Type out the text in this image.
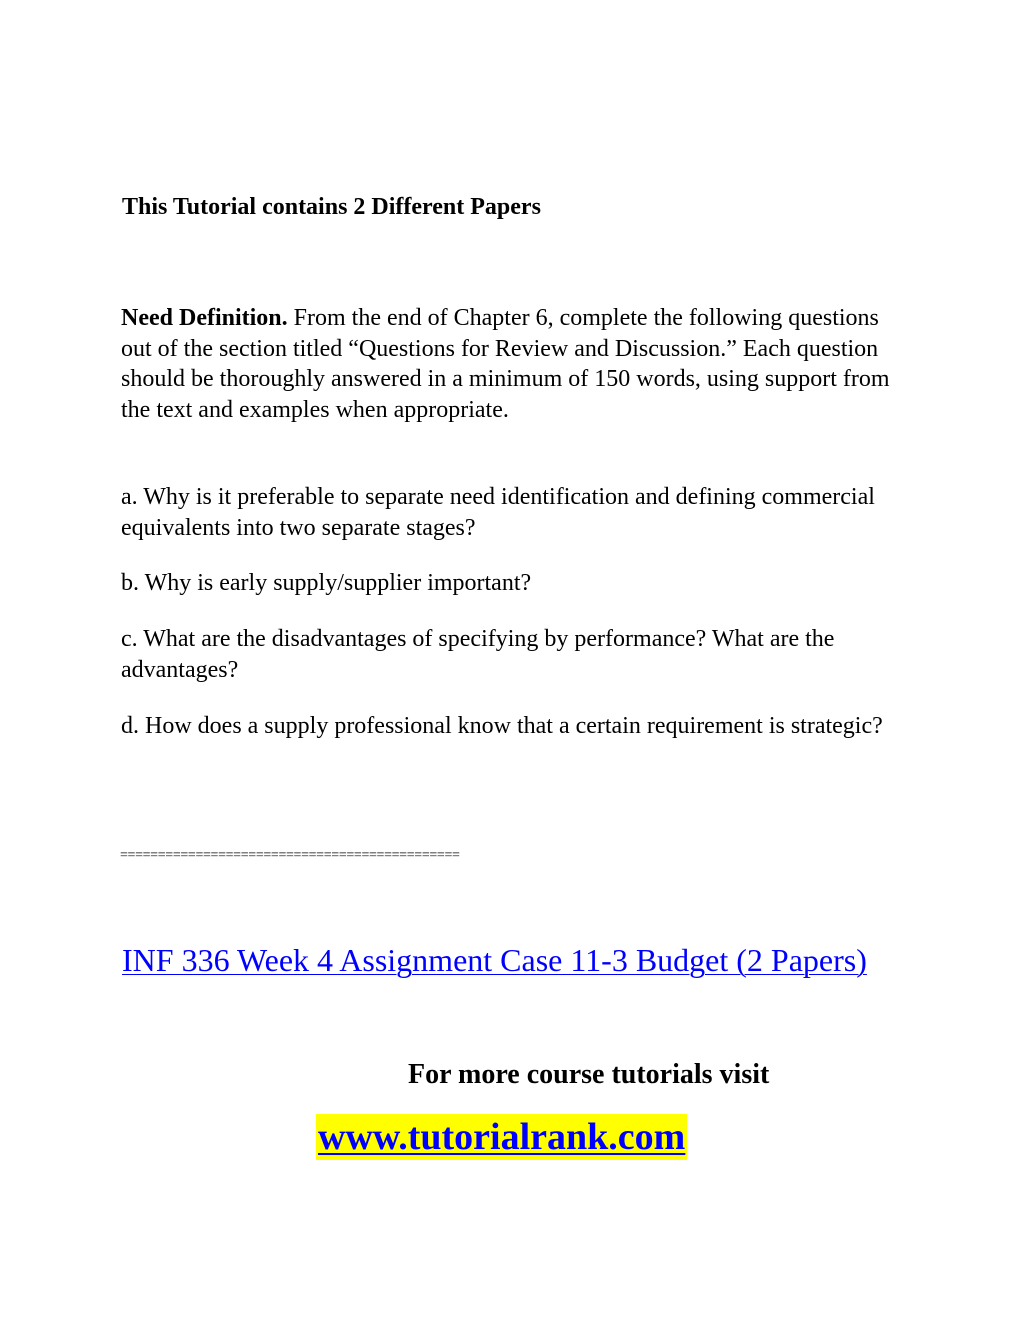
This Tutorial contains 2 Different Papers

Need Definition. From the end of Chapter 6, complete the following questions out of the section titled “Questions for Review and Discussion.” Each question should be thoroughly answered in a minimum of 150 words, using support from the text and examples when appropriate.

a. Why is it preferable to separate need identification and defining commercial equivalents into two separate stages?

b. Why is early supply/supplier important?

c. What are the disadvantages of specifying by performance? What are the advantages?

d. How does a supply professional know that a certain requirement is strategic?

=============================================

INF 336 Week 4 Assignment Case 11-3 Budget (2 Papers)

For more course tutorials visit

www.tutorialrank.com
